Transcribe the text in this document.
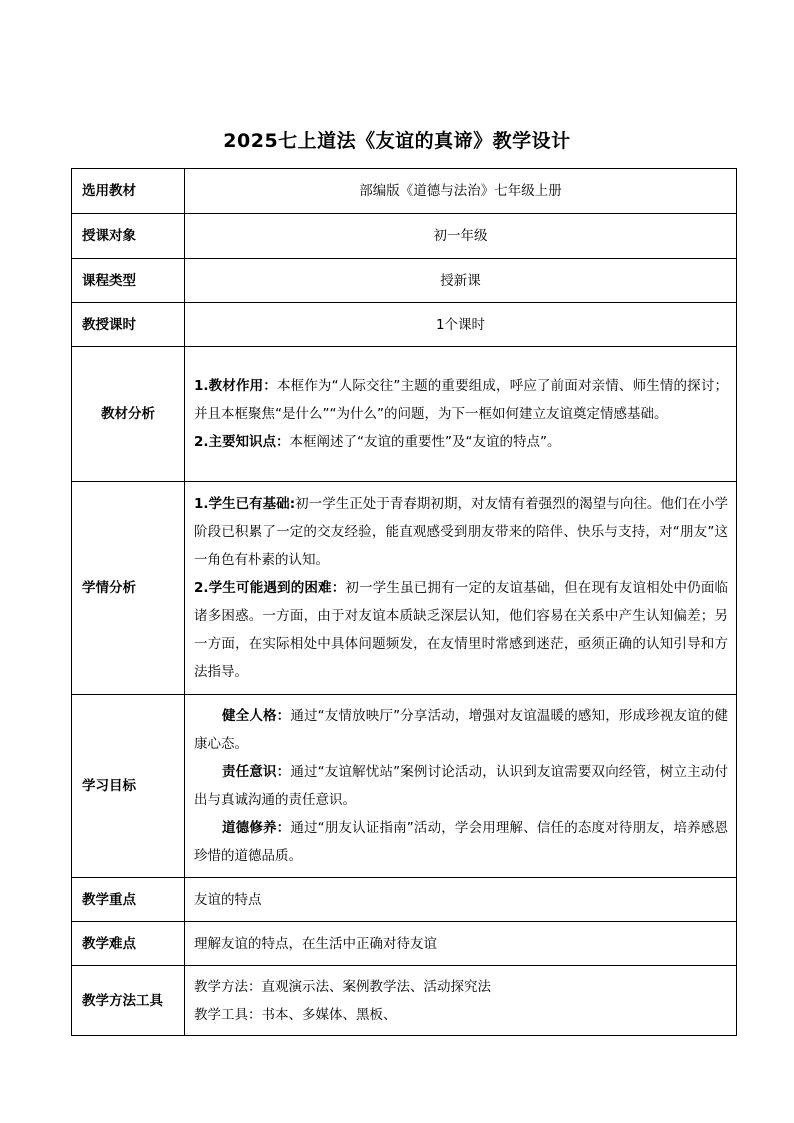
2025七上道法《友谊的真谛》教学设计
选用教材	部编版《道德与法治》七年级上册
授课对象	初一年级
课程类型	授新课
教授课时	1个课时
教材分析	1.教材作用：本框作为“人际交往”主题的重要组成，呼应了前面对亲情、师生情的探讨；并且本框聚焦“是什么”“为什么”的问题，为下一框如何建立友谊奠定情感基础。

2.主要知识点：本框阐述了“友谊的重要性”及“友谊的特点”。

学情分析	1.学生已有基础:初一学生正处于青春期初期，对友情有着强烈的渴望与向往。他们在小学阶段已积累了一定的交友经验，能直观感受到朋友带来的陪伴、快乐与支持，对“朋友”这一角色有朴素的认知。

2.学生可能遇到的困难：初一学生虽已拥有一定的友谊基础，但在现有友谊相处中仍面临诸多困惑。一方面，由于对友谊本质缺乏深层认知，他们容易在关系中产生认知偏差；另一方面，在实际相处中具体问题频发，在友情里时常感到迷茫，亟须正确的认知引导和方法指导。

学习目标	健全人格：通过“友情放映厅”分享活动，增强对友谊温暖的感知，形成珍视友谊的健康心态。

责任意识：通过“友谊解忧站”案例讨论活动，认识到友谊需要双向经管，树立主动付出与真诚沟通的责任意识。

道德修养：通过“朋友认证指南”活动，学会用理解、信任的态度对待朋友，培养感恩珍惜的道德品质。

教学重点	友谊的特点
教学难点	理解友谊的特点，在生活中正确对待友谊
教学方法工具	教学方法：直观演示法、案例教学法、活动探究法

教学工具：书本、多媒体、黑板、
